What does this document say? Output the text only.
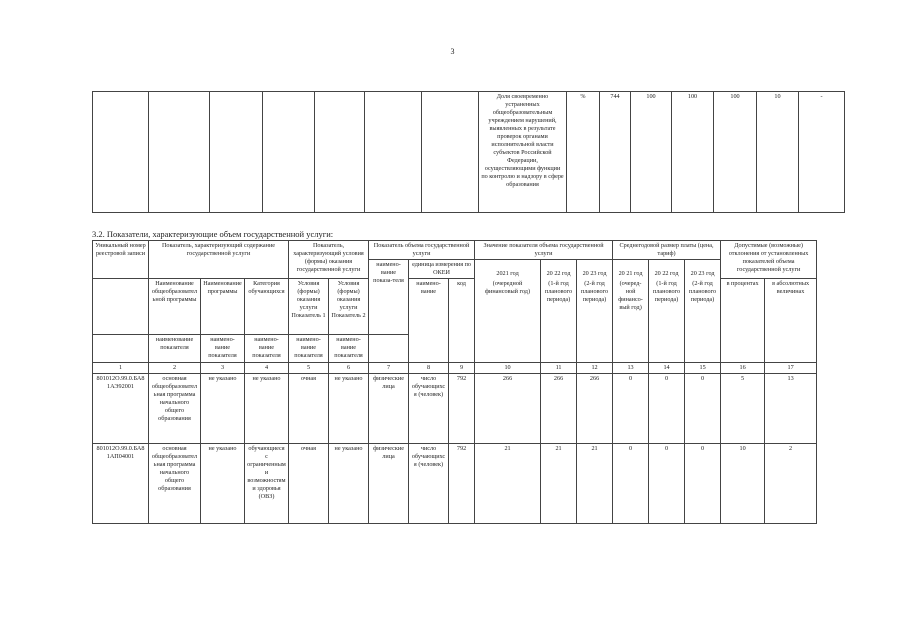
3
							Доля своевременно устраненных общеобразовательным учреждением нарушений, выявленных в результате проверок органами исполнительной власти субъектов Российской Федерации, осуществляющими функции по контролю и надзору в сфере образования	%	744	100	100	100	10	-
3.2. Показатели, характеризующие объем государственной услуги:
Уникальный номер реестровой записи	Показатель, характеризующий содержание государственной услуги			Показатель, характеризующий условия (формы) оказания государственной услуги		Показатель объема государственной услуги			Значение показателя объема государственной услуги			Среднегодовой размер платы (цена, тариф)			Допустимые (возможные) отклонения от установленных показателей объема государственной услуги	
						наимено-вание показа-теля	единица измерения по ОКЕИ		2021 год	20 22 год	20 23 год	20 21 год	20 22 год	20 23 год		
	Наименование общеобразовательной программы	Наименование программы	Категория обучающихся	Условия (формы) оказания услуги Показатель 1	Условия (формы) оказания услуги Показатель 2		наимено-вание	код	(очередной финансовый год)	(1-й год планового периода)	(2-й год планового периода)	(очеред-ной финансо-вый год)	(1-й год планового периода)	(2-й год планового периода)	в процентах	в абсолютных величинах

	наименование показателя	наимено-вание показателя	наимено-вание показателя	наимено-вание показателя	наимено-вание показателя											
1	2	3	4	5	6	7	8	9	10	11	12	13	14	15	16	17
801012О.99.0.БА81АЭ92001	основная общеобразовательная программа начального общего образования	не указано	не указано	очная	не указано	физические лица	число обучающихся (человек)	792	266	266	266	0	0	0	5	13
801012О.99.0.БА81АП04001	основная общеобразовательная программа начального общего образования	не указано	обучающиеся с ограниченными возможностями здоровья (ОВЗ)	очная	не указано	физические лица	число обучающихся (человек)	792	21	21	21	0	0	0	10	2
